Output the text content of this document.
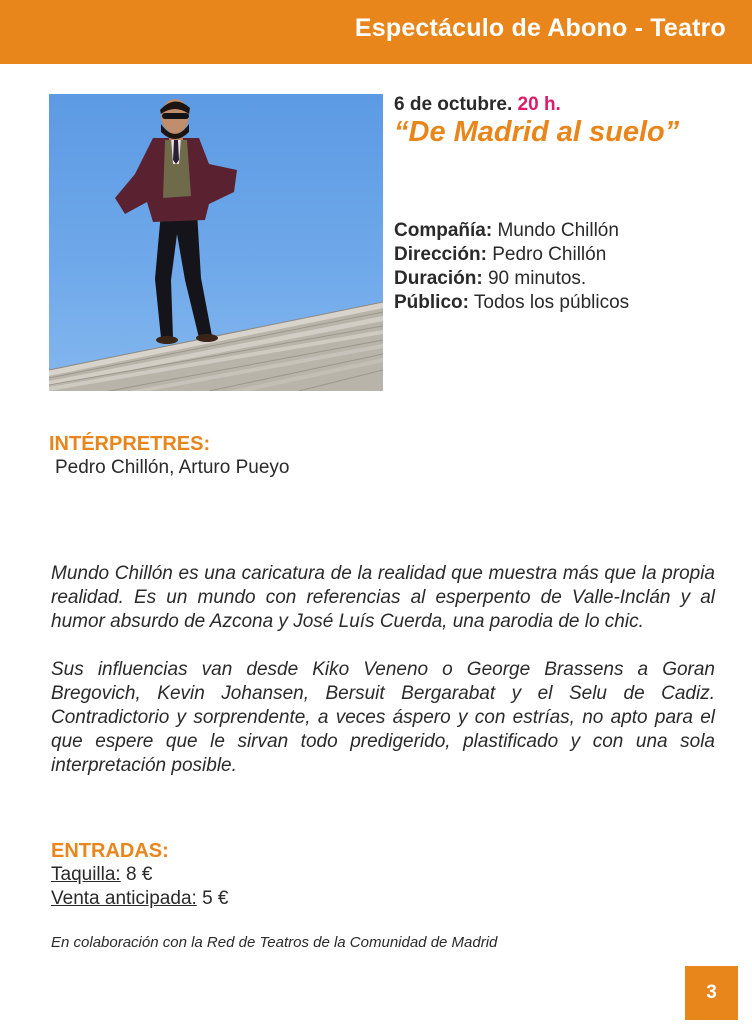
Espectáculo de Abono - Teatro
6 de octubre. 20 h.
“De Madrid al suelo”
Compañía: Mundo Chillón
Dirección: Pedro Chillón
Duración: 90 minutos.
Público: Todos los públicos
INTÉRPRETRES:
Pedro Chillón, Arturo Pueyo

Mundo Chillón es una caricatura de la realidad que muestra más que la propia realidad. Es un mundo con referencias al esperpento de Valle-Inclán y al humor absurdo de Azcona y José Luís Cuerda, una parodia de lo chic.

Sus influencias van desde Kiko Veneno o George Brassens a Goran Bregovich, Kevin Johansen, Bersuit Bergarabat y el Selu de Cadiz. Contradictorio y sorprendente, a veces áspero y con estrías, no apto para el que espere que le sirvan todo predigerido, plastificado y con una sola interpretación posible.

ENTRADAS:
Taquilla: 8 €
Venta anticipada: 5 €
En colaboración con la Red de Teatros de la Comunidad de Madrid
3
